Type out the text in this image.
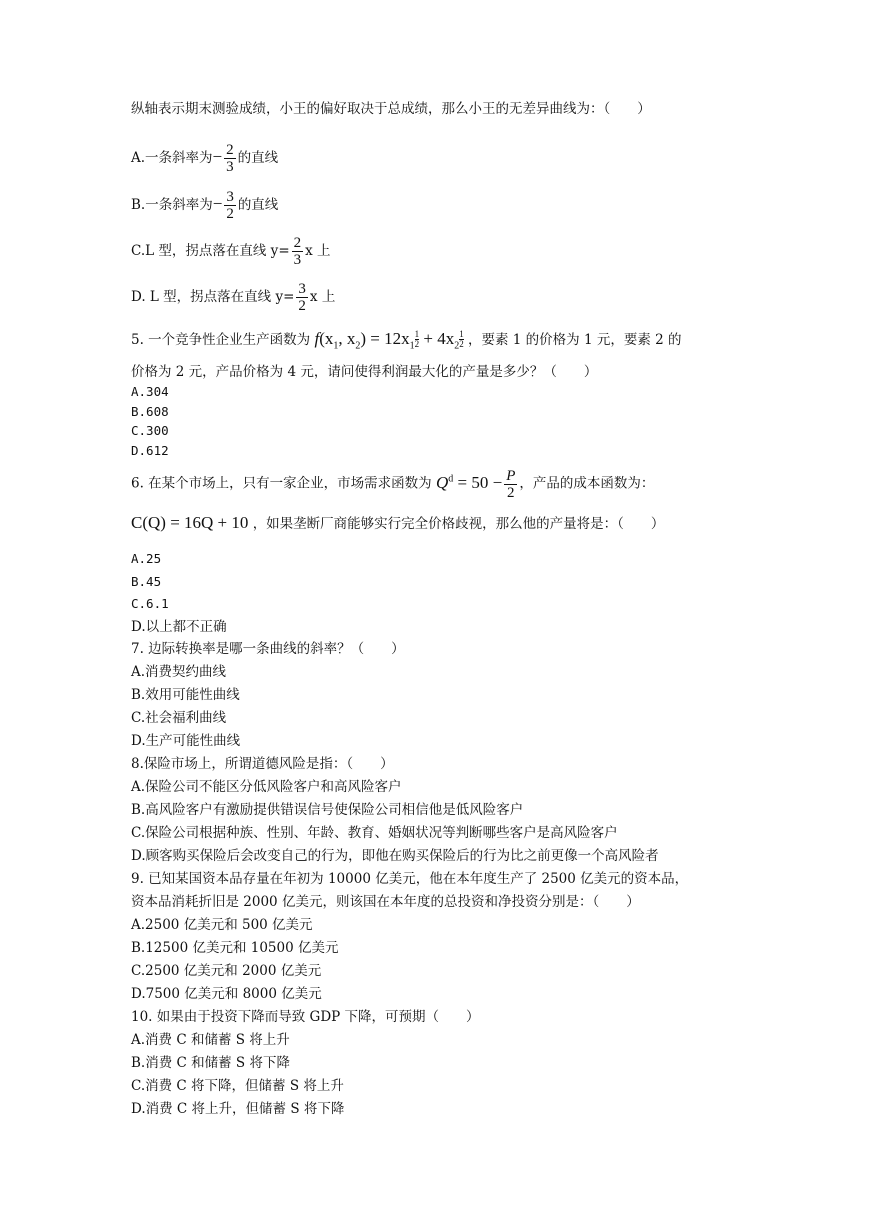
纵轴表示期末测验成绩，小王的偏好取决于总成绩，那么小王的无差异曲线为：（　　）
A.一条斜率为− $\frac{2}{3}$ 的直线
B.一条斜率为− $\frac{3}{2}$ 的直线
C.L 型，拐点落在直线 $y= \frac{2}{3}$ x 上
D. L 型，拐点落在直线 $y= \frac{3}{2}$ x 上
5. 一个竞争性企业生产函数为 $f(x_1$, $x_2) = 12x_1 \frac{1}{2} + 4x_2 \frac{1}{2}$ ，要素 1 的价格为 1 元，要素 2 的
价格为 2 元，产品价格为 4 元，请问使得利润最大化的产量是多少？（　　）
A.304
B.608
C.300
D.612
6. 在某个市场上，只有一家企业，市场需求函数为 $Q^d = 50 - \frac{P}{2}$ ，产品的成本函数为：
C(Q) = 16Q + 10 ，如果垄断厂商能够实行完全价格歧视，那么他的产量将是：（　　）
A.25
B.45
C.6.1
D.以上都不正确
7. 边际转换率是哪一条曲线的斜率？（　　）
A.消费契约曲线
B.效用可能性曲线
C.社会福利曲线
D.生产可能性曲线
8.保险市场上，所谓道德风险是指：（　　）
A.保险公司不能区分低风险客户和高风险客户
B.高风险客户有激励提供错误信号使保险公司相信他是低风险客户
C.保险公司根据种族、性别、年龄、教育、婚姻状况等判断哪些客户是高风险客户
D.顾客购买保险后会改变自己的行为，即他在购买保险后的行为比之前更像一个高风险者
9. 已知某国资本品存量在年初为 10000 亿美元，他在本年度生产了 2500 亿美元的资本品，
资本品消耗折旧是 2000 亿美元，则该国在本年度的总投资和净投资分别是：（　　）
A.2500 亿美元和 500 亿美元
B.12500 亿美元和 10500 亿美元
C.2500 亿美元和 2000 亿美元
D.7500 亿美元和 8000 亿美元
10. 如果由于投资下降而导致 GDP 下降，可预期（　　）
A.消费 C 和储蓄 S 将上升
B.消费 C 和储蓄 S 将下降
C.消费 C 将下降，但储蓄 S 将上升
D.消费 C 将上升，但储蓄 S 将下降
